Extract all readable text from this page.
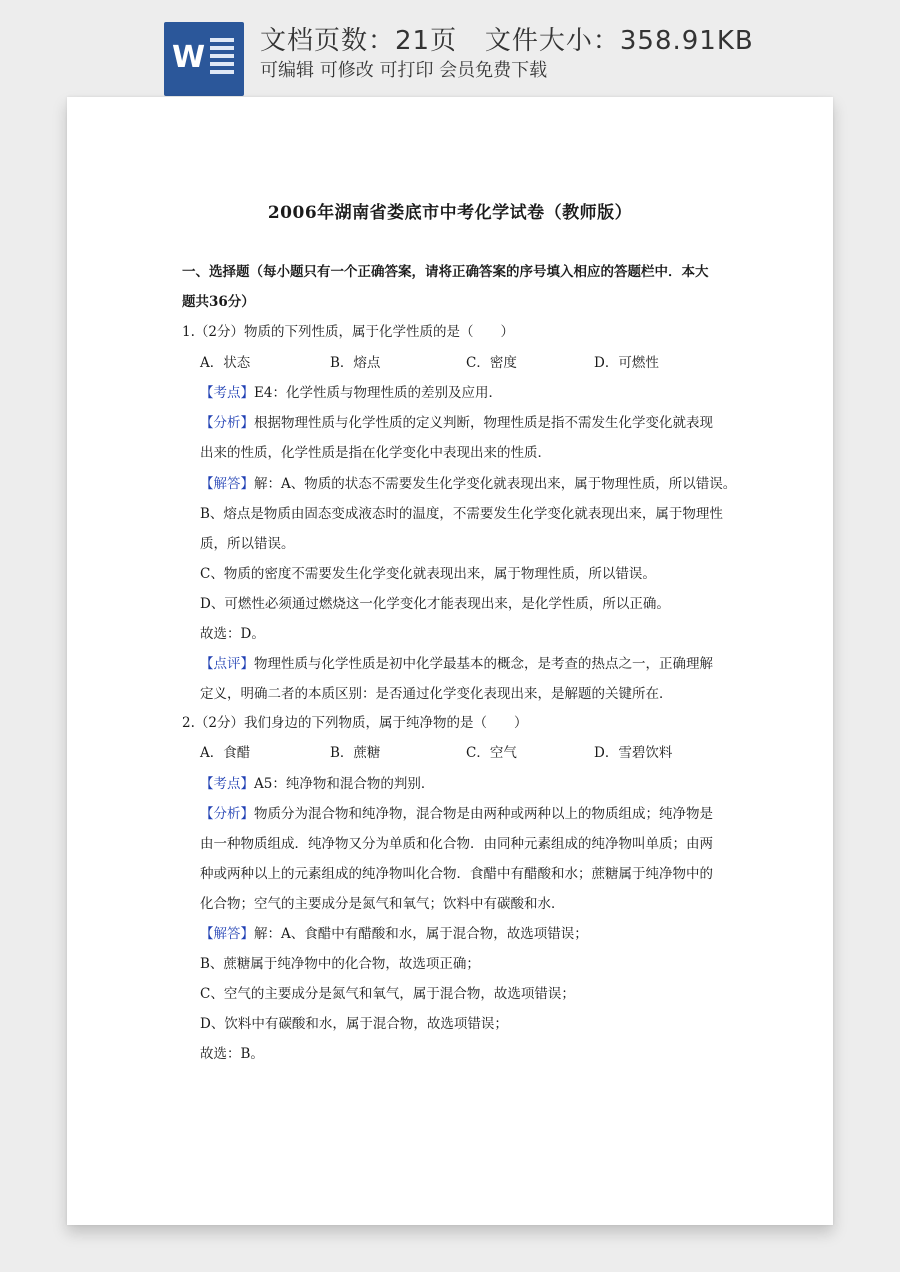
W 文档页数：21页   文件大小：358.91KB
可编辑 可修改 可打印 会员免费下载
2006年湖南省娄底市中考化学试卷（教师版）
一、选择题（每小题只有一个正确答案，请将正确答案的序号填入相应的答题栏中．本大
题共36分）
1.（2分）物质的下列性质，属于化学性质的是（　　）
A．状态	B．熔点	C．密度	D．可燃性
【考点】E4：化学性质与物理性质的差别及应用．
【分析】根据物理性质与化学性质的定义判断，物理性质是指不需发生化学变化就表现
出来的性质，化学性质是指在化学变化中表现出来的性质．
【解答】解：A、物质的状态不需要发生化学变化就表现出来，属于物理性质，所以错误。
B、熔点是物质由固态变成液态时的温度，不需要发生化学变化就表现出来，属于物理性
质，所以错误。
C、物质的密度不需要发生化学变化就表现出来，属于物理性质，所以错误。
D、可燃性必须通过燃烧这一化学变化才能表现出来，是化学性质，所以正确。
故选：D。
【点评】物理性质与化学性质是初中化学最基本的概念，是考查的热点之一，正确理解
定义，明确二者的本质区别：是否通过化学变化表现出来，是解题的关键所在．
2.（2分）我们身边的下列物质，属于纯净物的是（　　）
A．食醋	B．蔗糖	C．空气	D．雪碧饮料
【考点】A5：纯净物和混合物的判别．
【分析】物质分为混合物和纯净物，混合物是由两种或两种以上的物质组成；纯净物是
由一种物质组成．纯净物又分为单质和化合物．由同种元素组成的纯净物叫单质；由两
种或两种以上的元素组成的纯净物叫化合物．食醋中有醋酸和水；蔗糖属于纯净物中的
化合物；空气的主要成分是氮气和氧气；饮料中有碳酸和水．
【解答】解：A、食醋中有醋酸和水，属于混合物，故选项错误；
B、蔗糖属于纯净物中的化合物，故选项正确；
C、空气的主要成分是氮气和氧气，属于混合物，故选项错误；
D、饮料中有碳酸和水，属于混合物，故选项错误；
故选：B。
